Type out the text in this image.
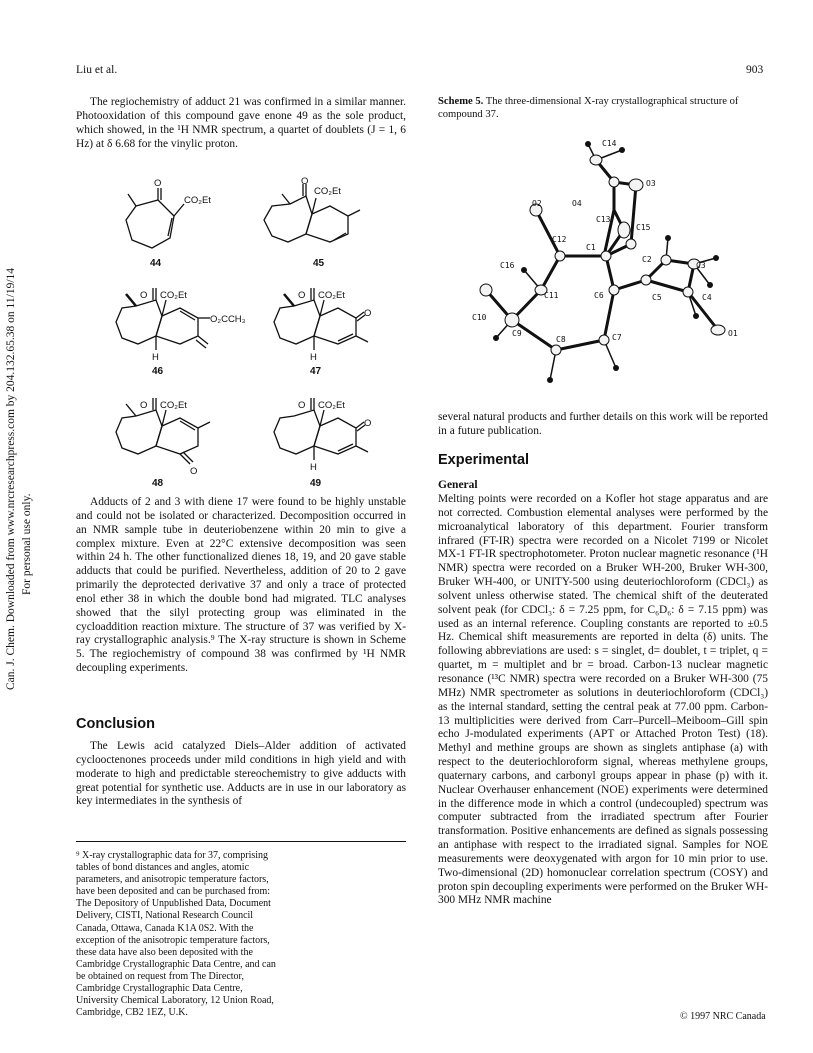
Can. J. Chem. Downloaded from www.nrcresearchpress.com by 204.132.65.38 on 11/19/14 For personal use only.
Liu et al.	903

The regiochemistry of adduct 21 was confirmed in a similar manner. Photooxidation of this compound gave enone 49 as the sole product, which showed, in the ¹H NMR spectrum, a quartet of doublets (J = 1, 6 Hz) at δ 6.68 for the vinylic proton.

O
CO₂Et
44
O
CO₂Et
45
O CO₂Et
O₂CCH₃
H
46
O CO₂Et
O
H
47
O CO₂Et
O
48
O CO₂Et
O
H
49

Adducts of 2 and 3 with diene 17 were found to be highly unstable and could not be isolated or characterized. Decomposition occurred in an NMR sample tube in deuteriobenzene within 20 min to give a complex mixture. Even at 22°C extensive decomposition was seen within 24 h. The other functionalized dienes 18, 19, and 20 gave stable adducts that could be purified. Nevertheless, addition of 20 to 2 gave primarily the deprotected derivative 37 and only a trace of protected enol ether 38 in which the double bond had migrated. TLC analyses showed that the silyl protecting group was eliminated in the cycloaddition reaction mixture. The structure of 37 was verified by X-ray crystallographic analysis.⁹ The X-ray structure is shown in Scheme 5. The regiochemistry of compound 38 was confirmed by ¹H NMR decoupling experiments.

Conclusion

The Lewis acid catalyzed Diels–Alder addition of activated cyclooctenones proceeds under mild conditions in high yield and with moderate to high and predictable stereochemistry to give adducts with great potential for synthetic use. Adducts are in use in our laboratory as key intermediates in the synthesis of

⁹ X-ray crystallographic data for 37, comprising tables of bond distances and angles, atomic parameters, and anisotropic temperature factors, have been deposited and can be purchased from: The Depository of Unpublished Data, Document Delivery, CISTI, National Research Council Canada, Ottawa, Canada K1A 0S2. With the exception of the anisotropic temperature factors, these data have also been deposited with the Cambridge Crystallographic Data Centre, and can be obtained on request from The Director, Cambridge Crystallographic Data Centre, University Chemical Laboratory, 12 Union Road, Cambridge, CB2 1EZ, U.K.
Scheme 5. The three-dimensional X-ray crystallographical structure of compound 37.
C14
O3
O2	O4
C13
C15
C12
C1
C2
C3
C16
C11	C6	C5	C4
C10
C9
C8	C7	O1
several natural products and further details on this work will be reported in a future publication.
Experimental
General
Melting points were recorded on a Kofler hot stage apparatus and are not corrected. Combustion elemental analyses were performed by the microanalytical laboratory of this department. Fourier transform infrared (FT-IR) spectra were recorded on a Nicolet 7199 or Nicolet MX-1 FT-IR spectrophotometer. Proton nuclear magnetic resonance (¹H NMR) spectra were recorded on a Bruker WH-200, Bruker WH-300, Bruker WH-400, or UNITY-500 using deuteriochloroform (CDCl₃) as solvent unless otherwise stated. The chemical shift of the deuterated solvent peak (for CDCl₃: δ = 7.25 ppm, for C₆D₆: δ = 7.15 ppm) was used as an internal reference. Coupling constants are reported to ±0.5 Hz. Chemical shift measurements are reported in delta (δ) units. The following abbreviations are used: s = singlet, d= doublet, t = triplet, q = quartet, m = multiplet and br = broad. Carbon-13 nuclear magnetic resonance (¹³C NMR) spectra were recorded on a Bruker WH-300 (75 MHz) NMR spectrometer as solutions in deuteriochloroform (CDCl₃) as the internal standard, setting the central peak at 77.00 ppm. Carbon-13 multiplicities were derived from Carr–Purcell–Meiboom–Gill spin echo J-modulated experiments (APT or Attached Proton Test) (18). Methyl and methine groups are shown as singlets antiphase (a) with respect to the deuteriochloroform signal, whereas methylene groups, quaternary carbons, and carbonyl groups appear in phase (p) with it. Nuclear Overhauser enhancement (NOE) experiments were determined in the difference mode in which a control (undecoupled) spectrum was computer subtracted from the irradiated spectrum after Fourier transformation. Positive enhancements are defined as signals possessing an antiphase with respect to the irradiated signal. Samples for NOE measurements were deoxygenated with argon for 10 min prior to use. Two-dimensional (2D) homonuclear correlation spectrum (COSY) and proton spin decoupling experiments were performed on the Bruker WH-300 MHz NMR machine
© 1997 NRC Canada
